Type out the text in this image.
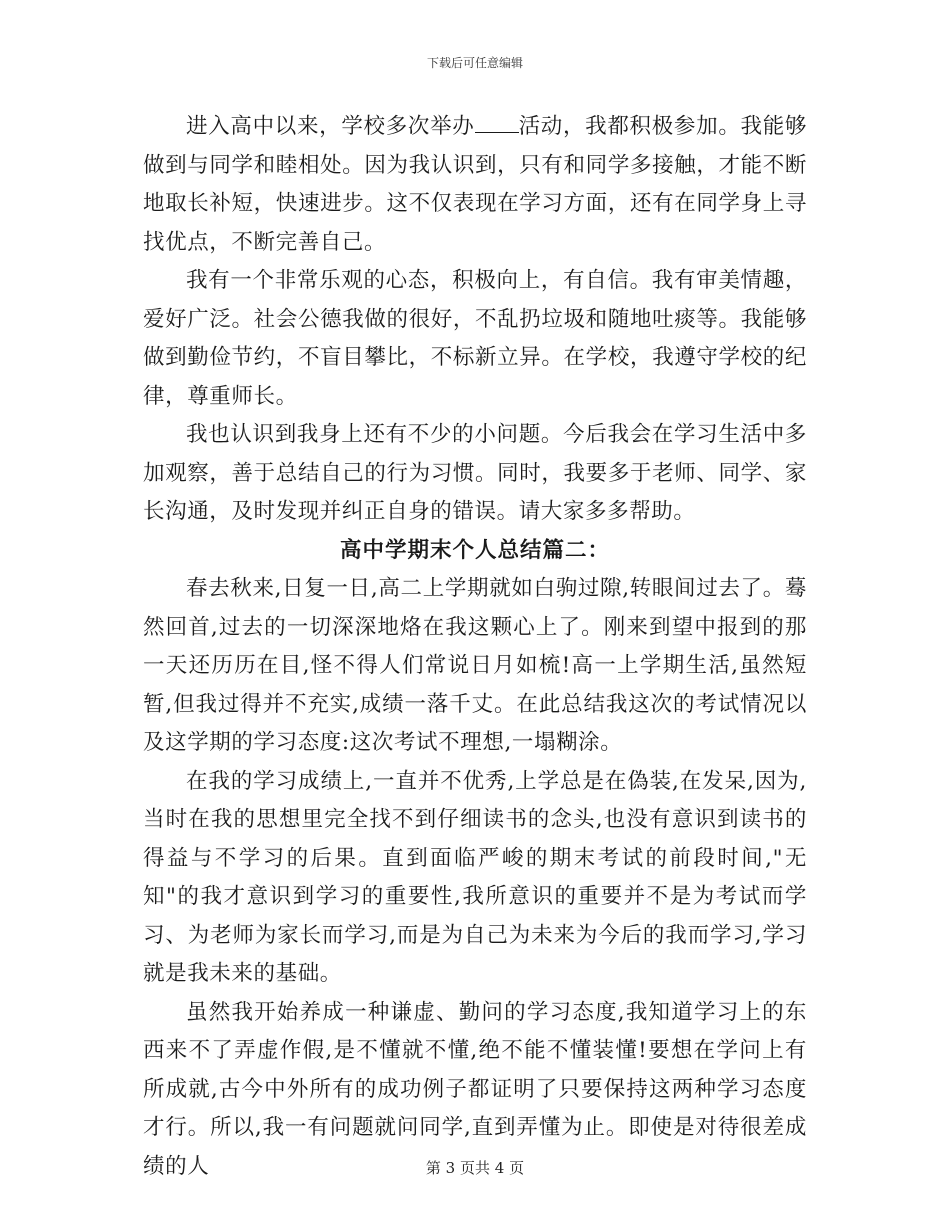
下载后可任意编辑

进入高中以来，学校多次举办 活动，我都积极参加。我能够做到与同学和睦相处。因为我认识到，只有和同学多接触，才能不断地取长补短，快速进步。这不仅表现在学习方面，还有在同学身上寻找优点，不断完善自己。

我有一个非常乐观的心态，积极向上，有自信。我有审美情趣，爱好广泛。社会公德我做的很好，不乱扔垃圾和随地吐痰等。我能够做到勤俭节约，不盲目攀比，不标新立异。在学校，我遵守学校的纪律，尊重师长。

我也认识到我身上还有不少的小问题。今后我会在学习生活中多加观察，善于总结自己的行为习惯。同时，我要多于老师、同学、家长沟通，及时发现并纠正自身的错误。请大家多多帮助。

高中学期末个人总结篇二：

春去秋来,日复一日,高二上学期就如白驹过隙,转眼间过去了。蓦然回首,过去的一切深深地烙在我这颗心上了。刚来到望中报到的那一天还历历在目,怪不得人们常说日月如梳!高一上学期生活,虽然短暂,但我过得并不充实,成绩一落千丈。在此总结我这次的考试情况以及这学期的学习态度:这次考试不理想,一塌糊涂。

在我的学习成绩上,一直并不优秀,上学总是在偽装,在发呆,因为,当时在我的思想里完全找不到仔细读书的念头,也没有意识到读书的得益与不学习的后果。直到面临严峻的期末考试的前段时间,"无知"的我才意识到学习的重要性,我所意识的重要并不是为考试而学习、为老师为家长而学习,而是为自己为未来为今后的我而学习,学习就是我未来的基础。

虽然我开始养成一种谦虚、勤问的学习态度,我知道学习上的东西来不了弄虚作假,是不懂就不懂,绝不能不懂装懂!要想在学问上有所成就,古今中外所有的成功例子都证明了只要保持这两种学习态度才行。所以,我一有问题就问同学,直到弄懂为止。即使是对待很差成绩的人	第 3 页共 4 页
